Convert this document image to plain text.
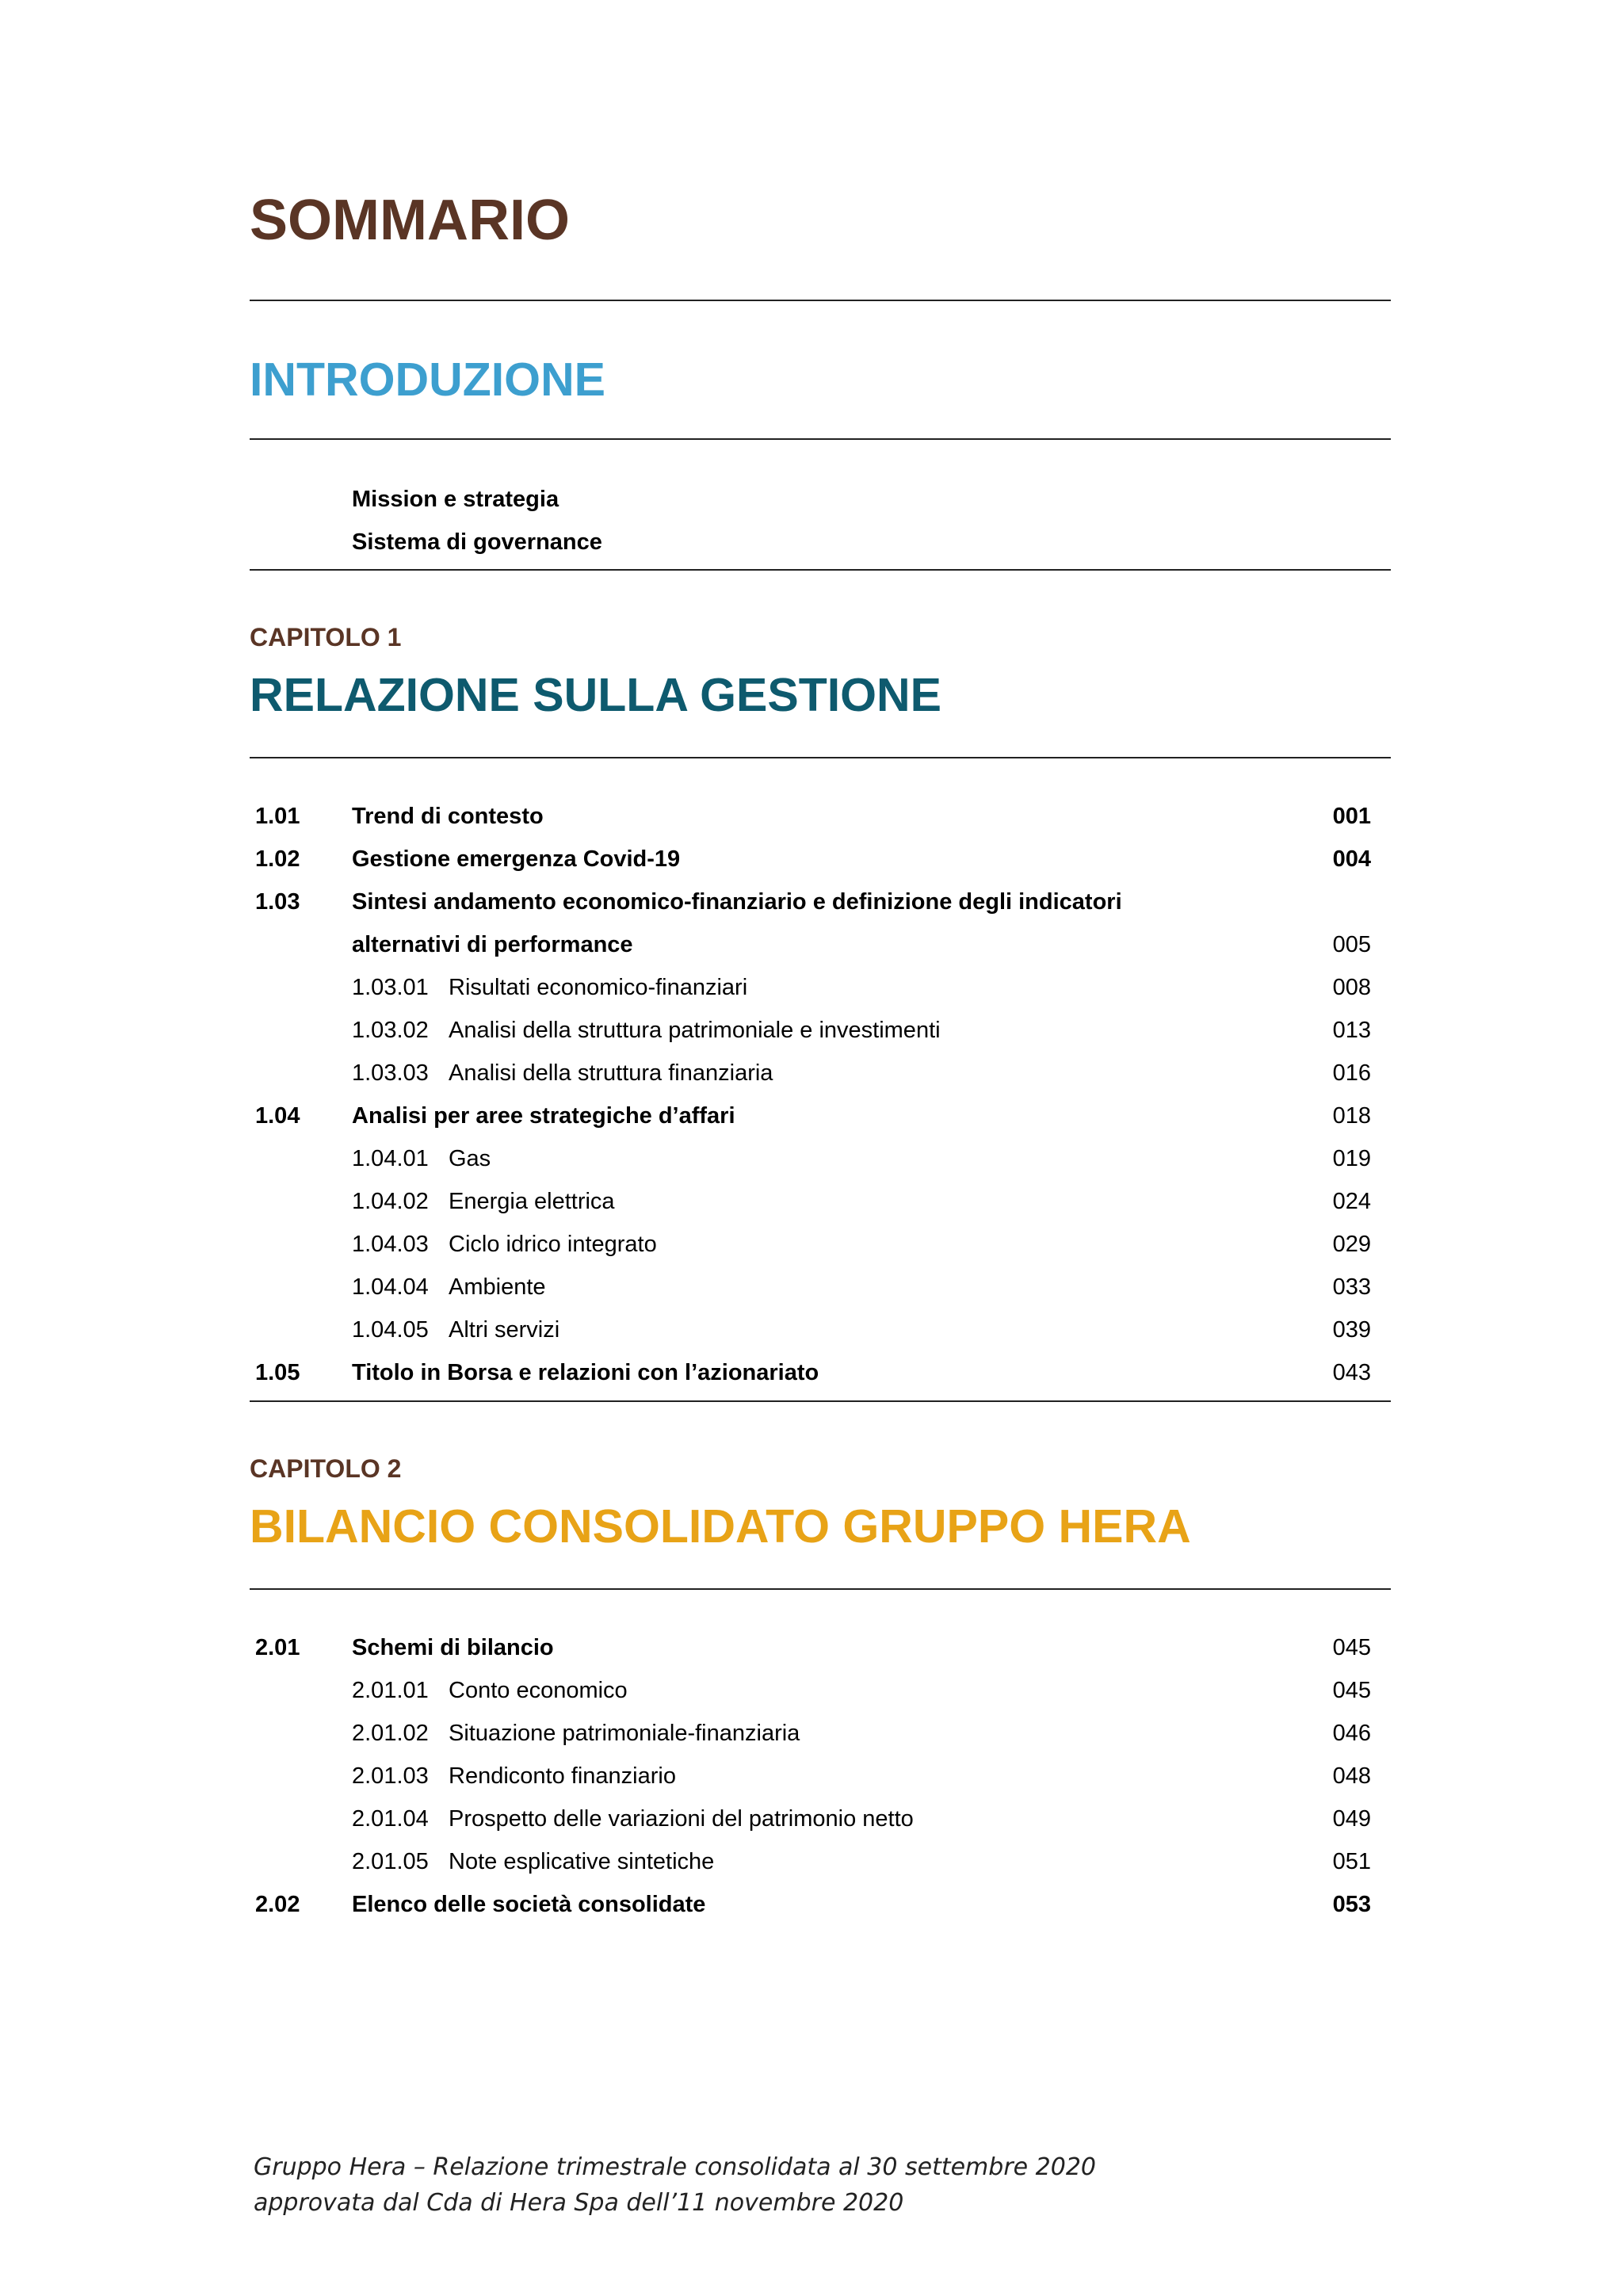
SOMMARIO
INTRODUZIONE
Mission e strategia
Sistema di governance
CAPITOLO 1
RELAZIONE SULLA GESTIONE
1.01 Trend di contesto	001
1.02 Gestione emergenza Covid-19	004
1.03 Sintesi andamento economico-finanziario e definizione degli indicatori
alternativi di performance	005
1.03.01 Risultati economico-finanziari	008
1.03.02 Analisi della struttura patrimoniale e investimenti	013
1.03.03 Analisi della struttura finanziaria	016
1.04 Analisi per aree strategiche d’affari	018
1.04.01 Gas	019
1.04.02 Energia elettrica	024
1.04.03 Ciclo idrico integrato	029
1.04.04 Ambiente	033
1.04.05 Altri servizi	039
1.05 Titolo in Borsa e relazioni con l’azionariato	043
CAPITOLO 2
BILANCIO CONSOLIDATO GRUPPO HERA
2.01 Schemi di bilancio	045
2.01.01 Conto economico	045
2.01.02 Situazione patrimoniale-finanziaria	046
2.01.03 Rendiconto finanziario	048
2.01.04 Prospetto delle variazioni del patrimonio netto	049
2.01.05 Note esplicative sintetiche	051
2.02 Elenco delle società consolidate	053
Gruppo Hera – Relazione trimestrale consolidata al 30 settembre 2020
approvata dal Cda di Hera Spa dell’11 novembre 2020
